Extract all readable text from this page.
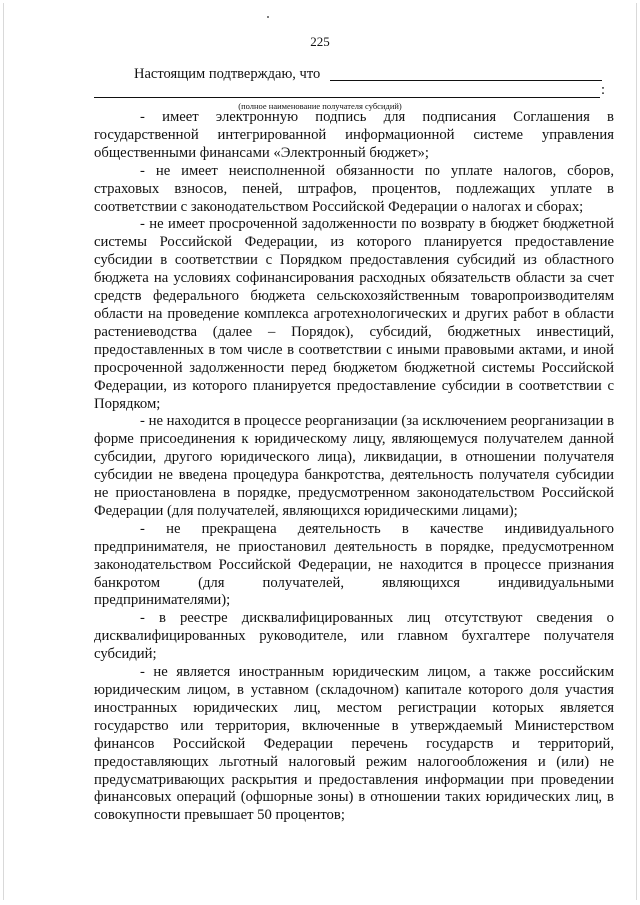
225
Настоящим подтверждаю, что
:
(полное наименование получателя субсидий)

- имеет электронную подпись для подписания Соглашения в государственной интегрированной информационной системе управления общественными финансами «Электронный бюджет»;

- не имеет неисполненной обязанности по уплате налогов, сборов, страховых взносов, пеней, штрафов, процентов, подлежащих уплате в соответствии с законодательством Российской Федерации о налогах и сборах;

- не имеет просроченной задолженности по возврату в бюджет бюджетной системы Российской Федерации, из которого планируется предоставление субсидии в соответствии с Порядком предоставления субсидий из областного бюджета на условиях софинансирования расходных обязательств области за счет средств федерального бюджета сельскохозяйственным товаропроизводителям области на проведение комплекса агротехнологических и других работ в области растениеводства (далее – Порядок), субсидий, бюджетных инвестиций, предоставленных в том числе в соответствии с иными правовыми актами, и иной просроченной задолженности перед бюджетом бюджетной системы Российской Федерации, из которого планируется предоставление субсидии в соответствии с Порядком;

- не находится в процессе реорганизации (за исключением реорганизации в форме присоединения к юридическому лицу, являющемуся получателем данной субсидии, другого юридического лица), ликвидации, в отношении получателя субсидии не введена процедура банкротства, деятельность получателя субсидии не приостановлена в порядке, предусмотренном законодательством Российской Федерации (для получателей, являющихся юридическими лицами);

- не прекращена деятельность в качестве индивидуального предпринимателя, не приостановил деятельность в порядке, предусмотренном законодательством Российской Федерации, не находится в процессе признания банкротом (для получателей, являющихся индивидуальными предпринимателями);

- в реестре дисквалифицированных лиц отсутствуют сведения о дисквалифицированных руководителе, или главном бухгалтере получателя субсидий;

- не является иностранным юридическим лицом, а также российским юридическим лицом, в уставном (складочном) капитале которого доля участия иностранных юридических лиц, местом регистрации которых является государство или территория, включенные в утверждаемый Министерством финансов Российской Федерации перечень государств и территорий, предоставляющих льготный налоговый режим налогообложения и (или) не предусматривающих раскрытия и предоставления информации при проведении финансовых операций (офшорные зоны) в отношении таких юридических лиц, в совокупности превышает 50 процентов;
